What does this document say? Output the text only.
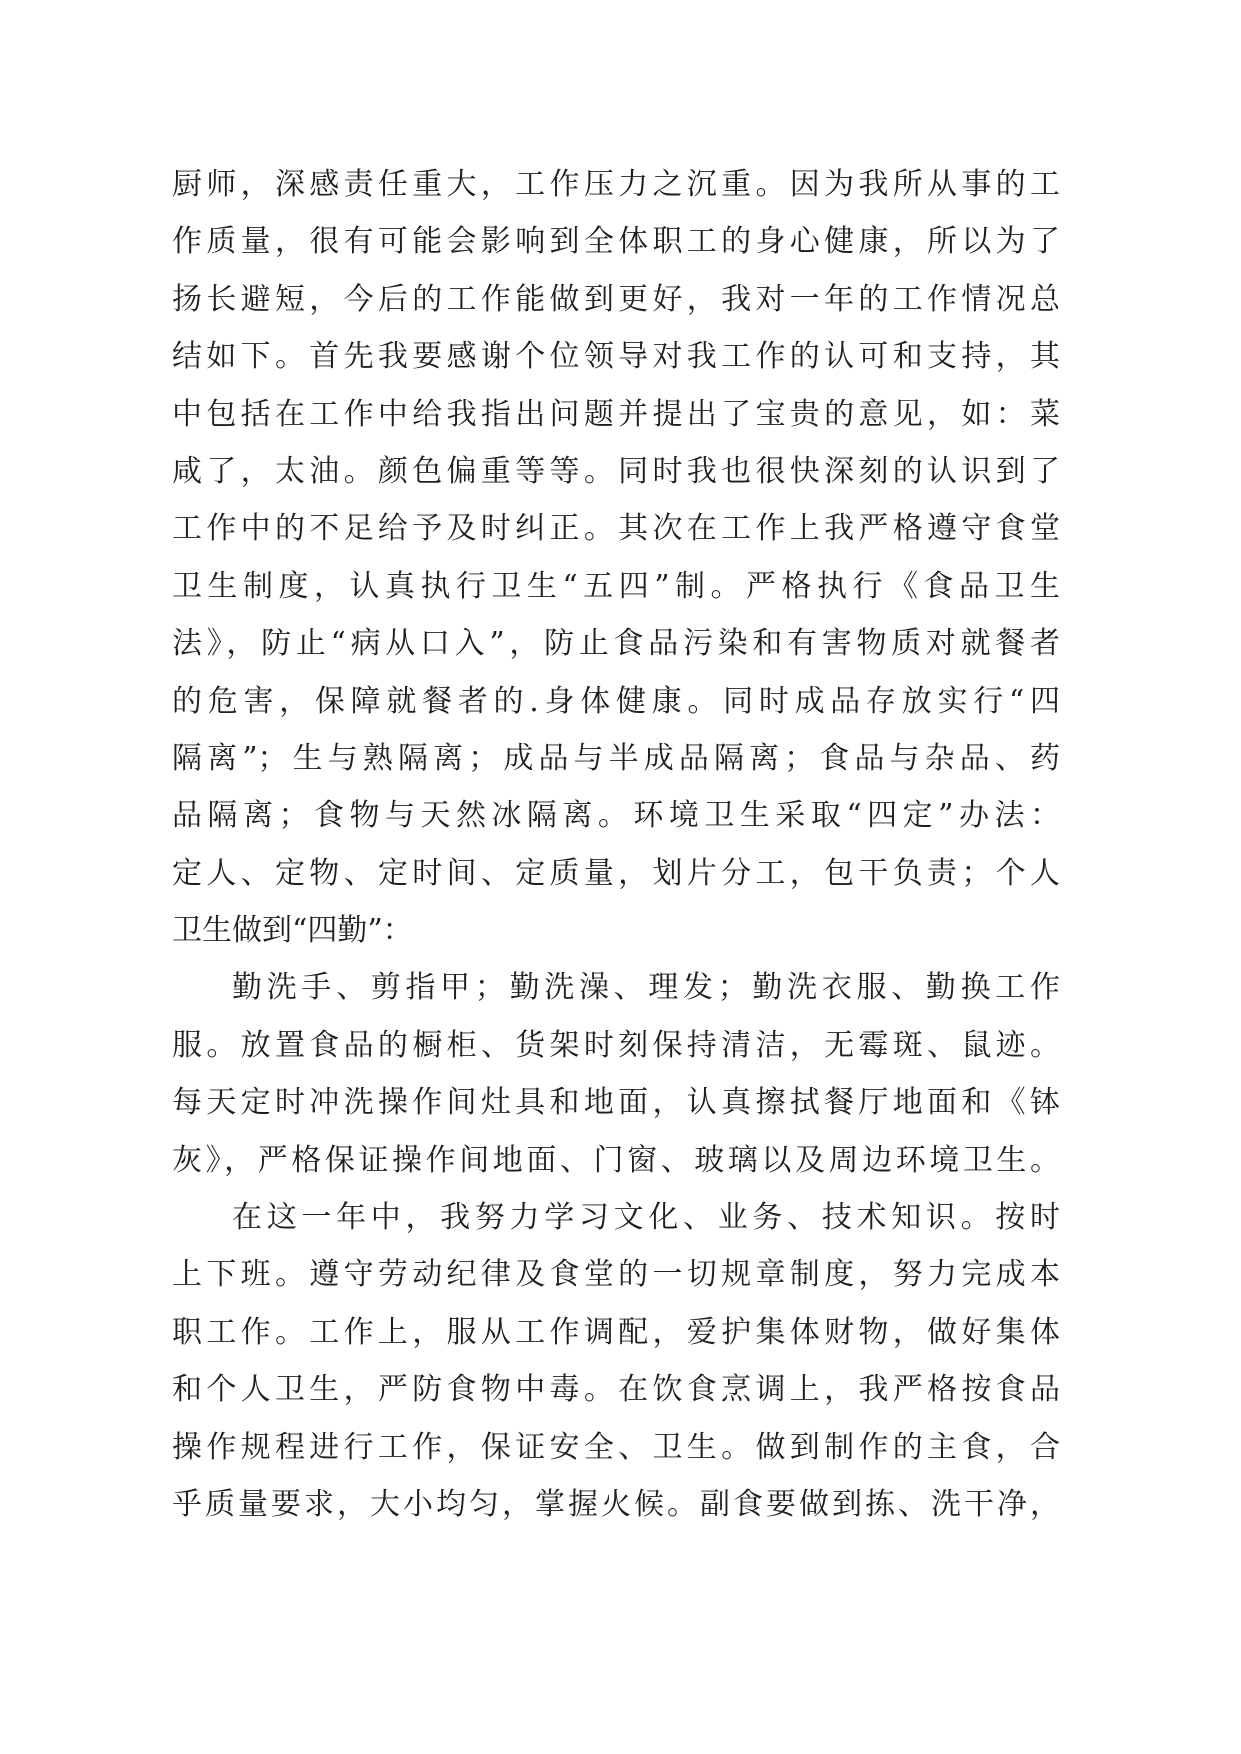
厨师，深感责任重大，工作压力之沉重。因为我所从事的工
作质量，很有可能会影响到全体职工的身心健康，所以为了
扬长避短，今后的工作能做到更好，我对一年的工作情况总
结如下。首先我要感谢个位领导对我工作的认可和支持，其
中包括在工作中给我指出问题并提出了宝贵的意见，如：菜
咸了，太油。颜色偏重等等。同时我也很快深刻的认识到了
工作中的不足给予及时纠正。其次在工作上我严格遵守食堂
卫生制度，认真执行卫生“五四”制。严格执行《食品卫生
法》，防止“病从口入”，防止食品污染和有害物质对就餐者
的危害，保障就餐者的.身体健康。同时成品存放实行“四
隔离”；生与熟隔离；成品与半成品隔离；食品与杂品、药
品隔离；食物与天然冰隔离。环境卫生采取“四定”办法：
定人、定物、定时间、定质量，划片分工，包干负责；个人
卫生做到“四勤”：
勤洗手、剪指甲；勤洗澡、理发；勤洗衣服、勤换工作
服。放置食品的橱柜、货架时刻保持清洁，无霉斑、鼠迹。
每天定时冲洗操作间灶具和地面，认真擦拭餐厅地面和《钵
灰》，严格保证操作间地面、门窗、玻璃以及周边环境卫生。
在这一年中，我努力学习文化、业务、技术知识。按时
上下班。遵守劳动纪律及食堂的一切规章制度，努力完成本
职工作。工作上，服从工作调配，爱护集体财物，做好集体
和个人卫生，严防食物中毒。在饮食烹调上，我严格按食品
操作规程进行工作，保证安全、卫生。做到制作的主食，合
乎质量要求，大小均匀，掌握火候。副食要做到拣、洗干净，
